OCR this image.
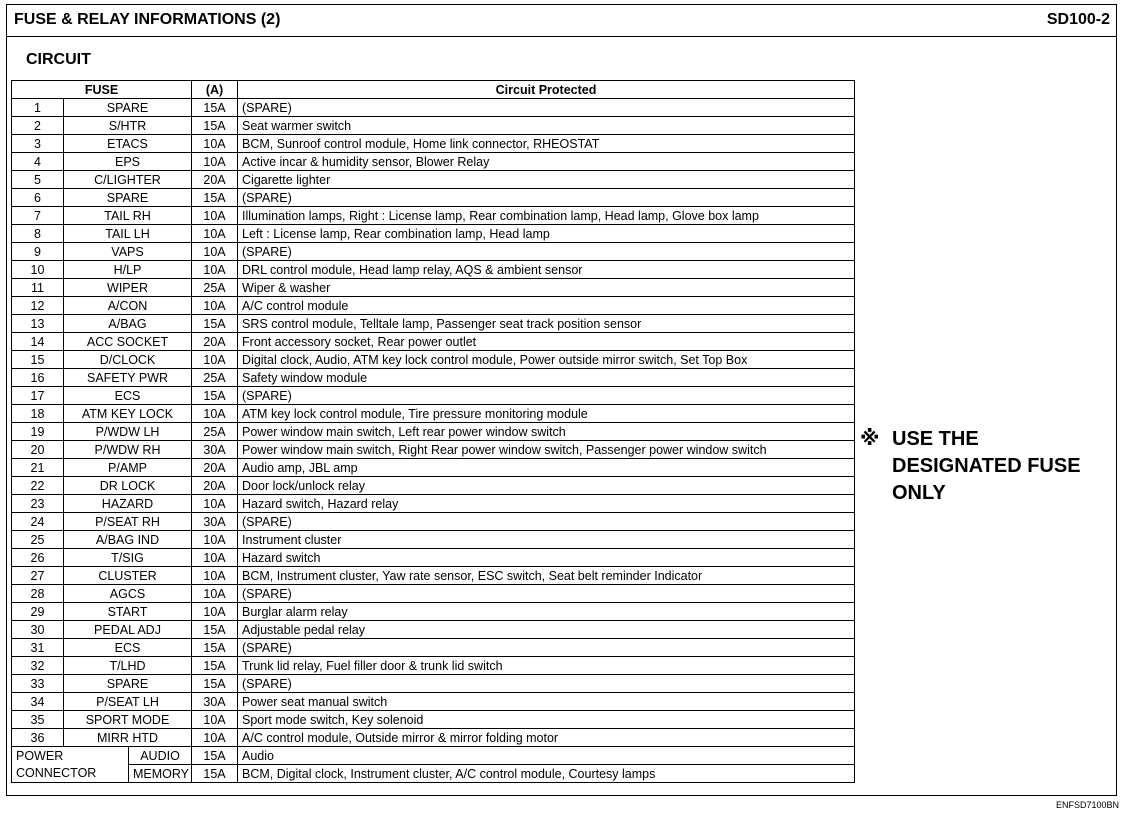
FUSE & RELAY INFORMATIONS (2)	SD100-2
CIRCUIT
FUSE			(A)	Circuit Protected
1	SPARE		15A	(SPARE)
2	S/HTR		15A	Seat warmer switch
3	ETACS		10A	BCM, Sunroof control module, Home link connector, RHEOSTAT
4	EPS		10A	Active incar & humidity sensor, Blower Relay
5	C/LIGHTER		20A	Cigarette lighter
6	SPARE		15A	(SPARE)
7	TAIL RH		10A	Illumination lamps, Right : License lamp, Rear combination lamp, Head lamp, Glove box lamp
8	TAIL LH		10A	Left : License lamp, Rear combination lamp, Head lamp
9	VAPS		10A	(SPARE)
10	H/LP		10A	DRL control module, Head lamp relay, AQS & ambient sensor
11	WIPER		25A	Wiper & washer
12	A/CON		10A	A/C control module
13	A/BAG		15A	SRS control module, Telltale lamp, Passenger seat track position sensor
14	ACC SOCKET		20A	Front accessory socket, Rear power outlet
15	D/CLOCK		10A	Digital clock, Audio, ATM key lock control module, Power outside mirror switch, Set Top Box
16	SAFETY PWR		25A	Safety window module
17	ECS		15A	(SPARE)
18	ATM KEY LOCK		10A	ATM key lock control module, Tire pressure monitoring module
19	P/WDW LH		25A	Power window main switch, Left rear power window switch
20	P/WDW RH		30A	Power window main switch, Right Rear power window switch, Passenger power window switch
21	P/AMP		20A	Audio amp, JBL amp
22	DR LOCK		20A	Door lock/unlock relay
23	HAZARD		10A	Hazard switch, Hazard relay
24	P/SEAT RH		30A	(SPARE)
25	A/BAG IND		10A	Instrument cluster
26	T/SIG		10A	Hazard switch
27	CLUSTER		10A	BCM, Instrument cluster, Yaw rate sensor, ESC switch, Seat belt reminder Indicator
28	AGCS		10A	(SPARE)
29	START		10A	Burglar alarm relay
30	PEDAL ADJ		15A	Adjustable pedal relay
31	ECS		15A	(SPARE)
32	T/LHD		15A	Trunk lid relay, Fuel filler door & trunk lid switch
33	SPARE		15A	(SPARE)
34	P/SEAT LH		30A	Power seat manual switch
35	SPORT MODE		10A	Sport mode switch, Key solenoid
36	MIRR HTD		10A	A/C control module, Outside mirror & mirror folding motor
POWER		AUDIO	15A	Audio
CONNECTOR		MEMORY	15A	BCM, Digital clock, Instrument cluster, A/C control module, Courtesy lamps
※ USE THE
DESIGNATED FUSE
ONLY
ENFSD7100BN
